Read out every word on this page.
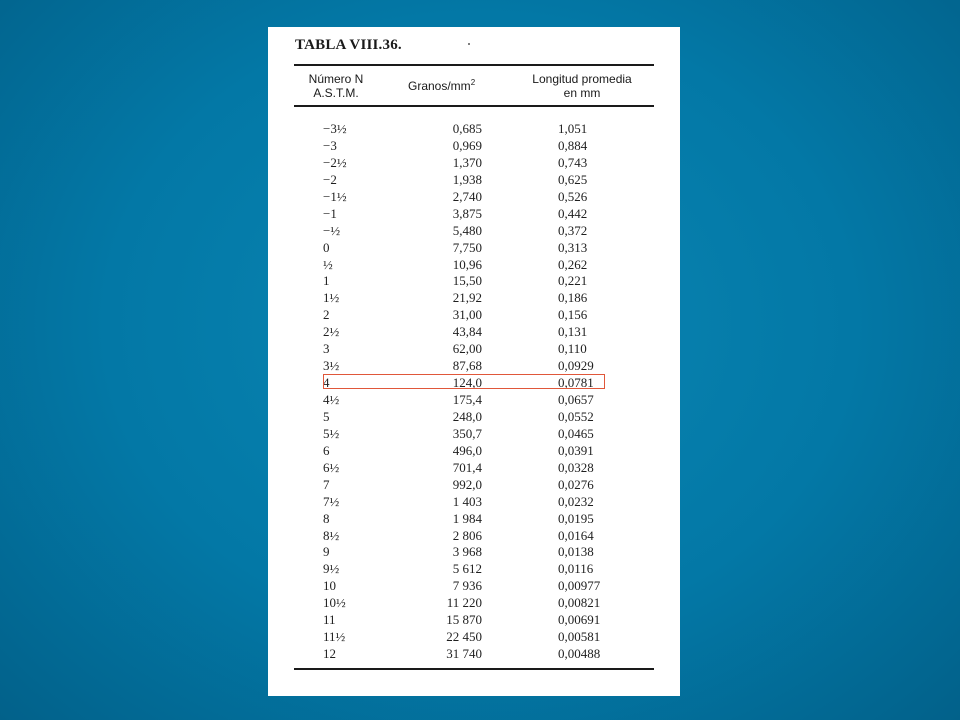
TABLA VIII.36.
Número N
A.S.T.M.	Granos/$mm^2$	Longitud promedia
en mm
−3½	0,685	1,051
−3	0,969	0,884
−2½	1,370	0,743
−2	1,938	0,625
−1½	2,740	0,526
−1	3,875	0,442
−½	5,480	0,372
0	7,750	0,313
½	10,96	0,262
1	15,50	0,221
1½	21,92	0,186
2	31,00	0,156
2½	43,84	0,131
3	62,00	0,110
3½	87,68	0,0929
4	124,0	0,0781
4½	175,4	0,0657
5	248,0	0,0552
5½	350,7	0,0465
6	496,0	0,0391
6½	701,4	0,0328
7	992,0	0,0276
7½	1 403	0,0232
8	1 984	0,0195
8½	2 806	0,0164
9	3 968	0,0138
9½	5 612	0,0116
10	7 936	0,00977
10½	11 220	0,00821
11	15 870	0,00691
11½	22 450	0,00581
12	31 740	0,00488
